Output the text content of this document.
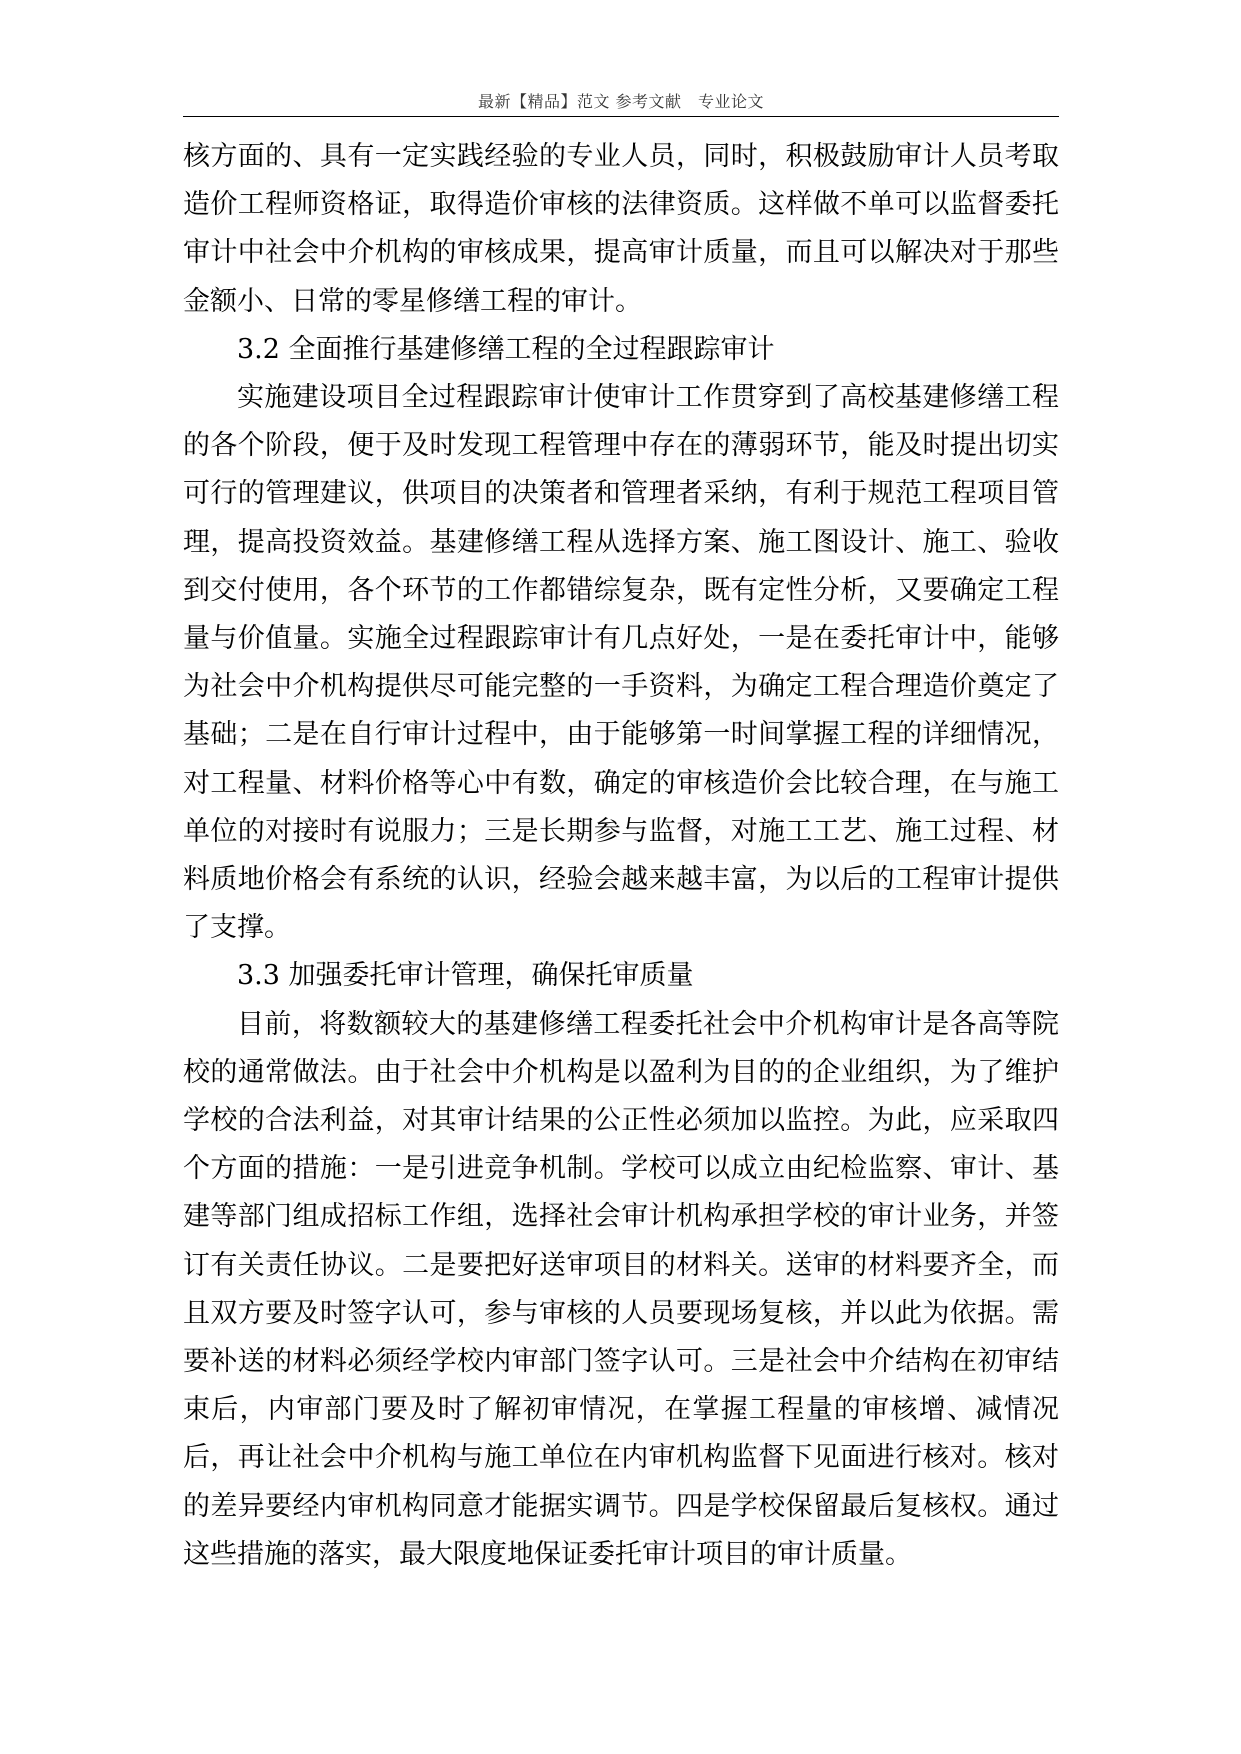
最新【精品】范文 参考文献　专业论文

核方面的、具有一定实践经验的专业人员，同时，积极鼓励审计人员考取造价工程师资格证，取得造价审核的法律资质。这样做不单可以监督委托审计中社会中介机构的审核成果，提高审计质量，而且可以解决对于那些金额小、日常的零星修缮工程的审计。

3.2 全面推行基建修缮工程的全过程跟踪审计

实施建设项目全过程跟踪审计使审计工作贯穿到了高校基建修缮工程的各个阶段，便于及时发现工程管理中存在的薄弱环节，能及时提出切实可行的管理建议，供项目的决策者和管理者采纳，有利于规范工程项目管理，提高投资效益。基建修缮工程从选择方案、施工图设计、施工、验收到交付使用，各个环节的工作都错综复杂，既有定性分析，又要确定工程量与价值量。实施全过程跟踪审计有几点好处，一是在委托审计中，能够为社会中介机构提供尽可能完整的一手资料，为确定工程合理造价奠定了基础；二是在自行审计过程中，由于能够第一时间掌握工程的详细情况，对工程量、材料价格等心中有数，确定的审核造价会比较合理，在与施工单位的对接时有说服力；三是长期参与监督，对施工工艺、施工过程、材料质地价格会有系统的认识，经验会越来越丰富，为以后的工程审计提供了支撑。

3.3 加强委托审计管理，确保托审质量

目前，将数额较大的基建修缮工程委托社会中介机构审计是各高等院校的通常做法。由于社会中介机构是以盈利为目的的企业组织，为了维护学校的合法利益，对其审计结果的公正性必须加以监控。为此，应采取四个方面的措施：一是引进竞争机制。学校可以成立由纪检监察、审计、基建等部门组成招标工作组，选择社会审计机构承担学校的审计业务，并签订有关责任协议。二是要把好送审项目的材料关。送审的材料要齐全，而且双方要及时签字认可，参与审核的人员要现场复核，并以此为依据。需要补送的材料必须经学校内审部门签字认可。三是社会中介结构在初审结束后，内审部门要及时了解初审情况，在掌握工程量的审核增、减情况后，再让社会中介机构与施工单位在内审机构监督下见面进行核对。核对的差异要经内审机构同意才能据实调节。四是学校保留最后复核权。通过这些措施的落实，最大限度地保证委托审计项目的审计质量。
